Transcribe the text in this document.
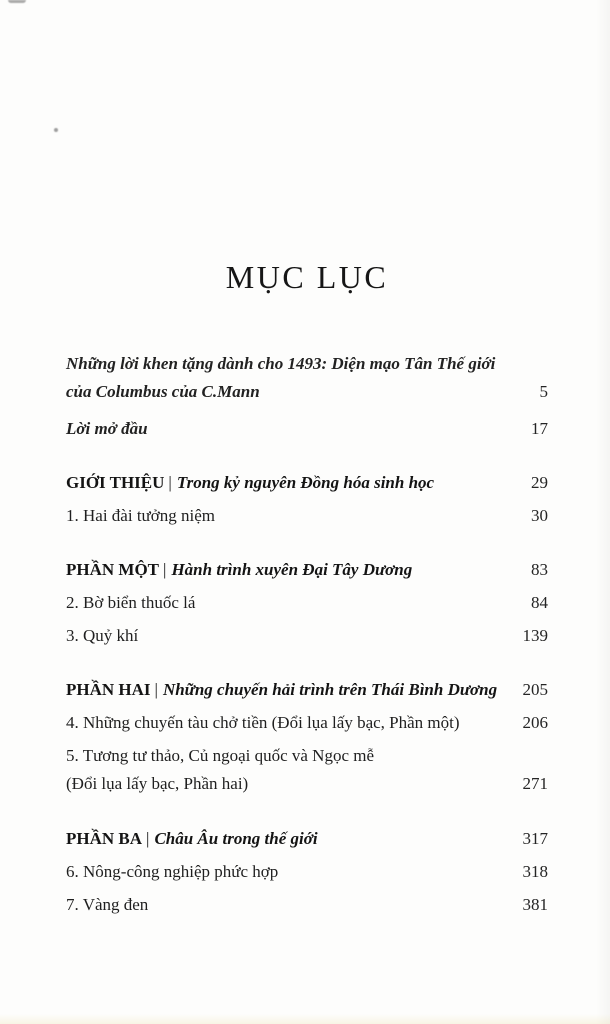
MỤC LỤC
Những lời khen tặng dành cho 1493: Diện mạo Tân Thế giới
của Columbus của C.Mann	5
Lời mở đầu	17
GIỚI THIỆU | Trong kỷ nguyên Đồng hóa sinh học	29
1. Hai đài tưởng niệm	30
PHẦN MỘT | Hành trình xuyên Đại Tây Dương	83
2. Bờ biển thuốc lá	84
3. Quỷ khí	139
PHẦN HAI | Những chuyến hải trình trên Thái Bình Dương	205
4. Những chuyến tàu chở tiền (Đổi lụa lấy bạc, Phần một)	206
5. Tương tư thảo, Củ ngoại quốc và Ngọc mễ
(Đổi lụa lấy bạc, Phần hai)	271
PHẦN BA | Châu Âu trong thế giới	317
6. Nông-công nghiệp phức hợp	318
7. Vàng đen	381
